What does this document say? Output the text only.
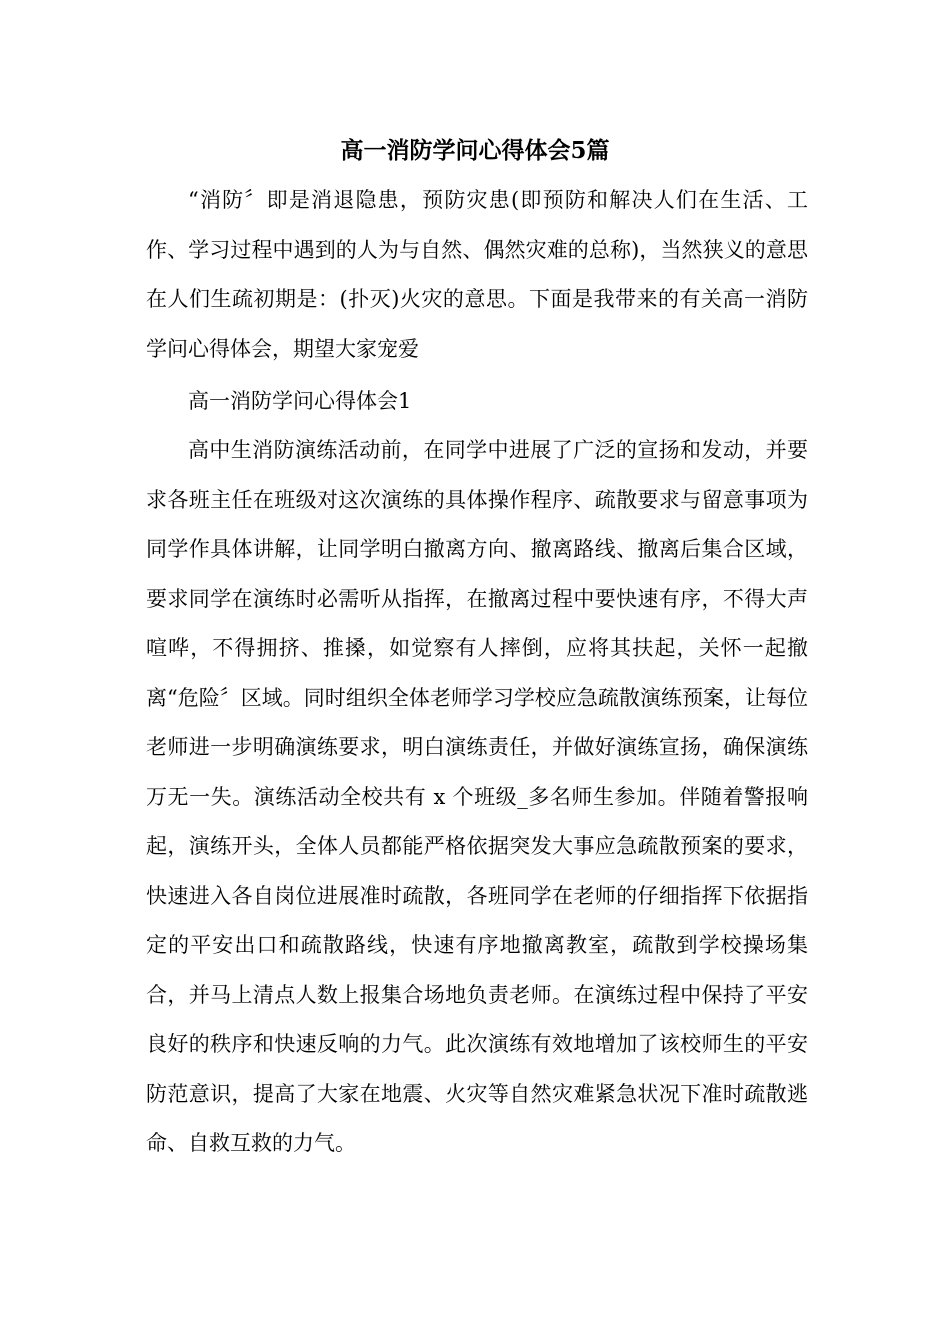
高一消防学问心得体会5篇

“消防〞即是消退隐患，预防灾患(即预防和解决人们在生活、工作、学习过程中遇到的人为与自然、偶然灾难的总称)，当然狭义的意思在人们生疏初期是：(扑灭)火灾的意思。下面是我带来的有关高一消防学问心得体会，期望大家宠爱

高一消防学问心得体会1

高中生消防演练活动前，在同学中进展了广泛的宣扬和发动，并要求各班主任在班级对这次演练的具体操作程序、疏散要求与留意事项为同学作具体讲解，让同学明白撤离方向、撤离路线、撤离后集合区域，要求同学在演练时必需听从指挥，在撤离过程中要快速有序，不得大声喧哗，不得拥挤、推搡，如觉察有人摔倒，应将其扶起，关怀一起撤离“危险〞区域。同时组织全体老师学习学校应急疏散演练预案，让每位老师进一步明确演练要求，明白演练责任，并做好演练宣扬，确保演练万无一失。演练活动全校共有 x 个班级_多名师生参加。伴随着警报响起，演练开头，全体人员都能严格依据突发大事应急疏散预案的要求，快速进入各自岗位进展准时疏散，各班同学在老师的仔细指挥下依据指定的平安出口和疏散路线，快速有序地撤离教室，疏散到学校操场集合，并马上清点人数上报集合场地负责老师。在演练过程中保持了平安良好的秩序和快速反响的力气。此次演练有效地增加了该校师生的平安防范意识，提高了大家在地震、火灾等自然灾难紧急状况下准时疏散逃命、自救互救的力气。
